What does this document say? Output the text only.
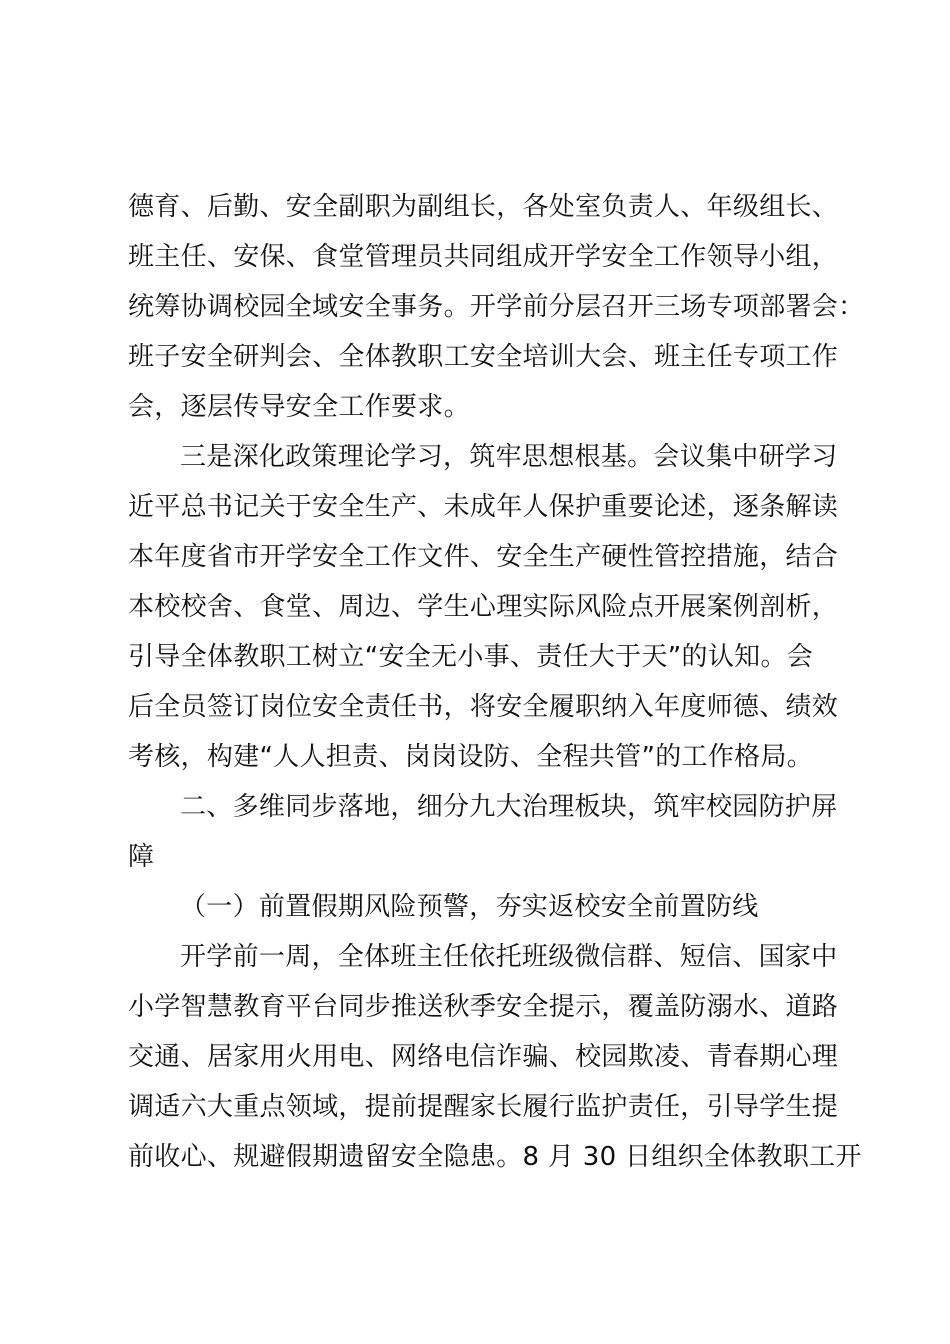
德育、后勤、安全副职为副组长，各处室负责人、年级组长、
班主任、安保、食堂管理员共同组成开学安全工作领导小组，
统筹协调校园全域安全事务。开学前分层召开三场专项部署会：
班子安全研判会、全体教职工安全培训大会、班主任专项工作
会，逐层传导安全工作要求。
三是深化政策理论学习，筑牢思想根基。会议集中研学习
近平总书记关于安全生产、未成年人保护重要论述，逐条解读
本年度省市开学安全工作文件、安全生产硬性管控措施，结合
本校校舍、食堂、周边、学生心理实际风险点开展案例剖析，
引导全体教职工树立“安全无小事、责任大于天”的认知。会
后全员签订岗位安全责任书，将安全履职纳入年度师德、绩效
考核，构建“人人担责、岗岗设防、全程共管”的工作格局。
二、多维同步落地，细分九大治理板块，筑牢校园防护屏
障
（一）前置假期风险预警，夯实返校安全前置防线
开学前一周，全体班主任依托班级微信群、短信、国家中
小学智慧教育平台同步推送秋季安全提示，覆盖防溺水、道路
交通、居家用火用电、网络电信诈骗、校园欺凌、青春期心理
调适六大重点领域，提前提醒家长履行监护责任，引导学生提
前收心、规避假期遗留安全隐患。8 月 30 日组织全体教职工开
